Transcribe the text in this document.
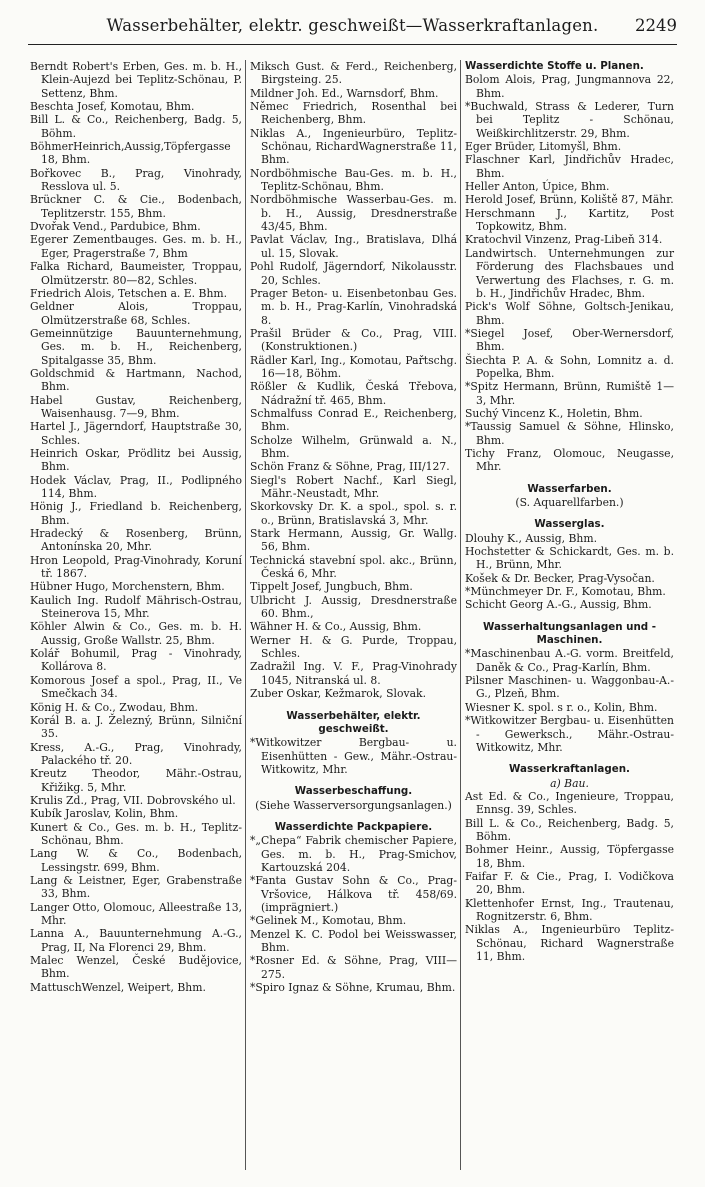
Wasserbehälter, elektr. geschweißt—Wasserkraftanlagen.	2249

Berndt Robert's Erben, Ges. m. b. H., Klein-Aujezd bei Teplitz-Schönau, P. Settenz, Bhm.

Beschta Josef, Komotau, Bhm.

Bill L. & Co., Reichenberg, Badg. 5, Böhm.

BöhmerHeinrich,Aussig,Töpfergasse 18, Bhm.

Bořkovec B., Prag, Vinohrady, Resslova ul. 5.

Brückner C. & Cie., Bodenbach, Teplitzerstr. 155, Bhm.

Dvořak Vend., Pardubice, Bhm.

Egerer Zementbauges. Ges. m. b. H., Eger, Pragerstraße 7, Bhm

Falka Richard, Baumeister, Troppau, Olmützerstr. 80—82, Schles.

Friedrich Alois, Tetschen a. E. Bhm.

Geldner Alois, Troppau, Olmützerstraße 68, Schles.

Gemeinnützige Bauunternehmung, Ges. m. b. H., Reichenberg, Spitalgasse 35, Bhm.

Goldschmid & Hartmann, Nachod, Bhm.

Habel Gustav, Reichenberg, Waisenhausg. 7—9, Bhm.

Hartel J., Jägerndorf, Hauptstraße 30, Schles.

Heinrich Oskar, Prödlitz bei Aussig, Bhm.

Hodek Václav, Prag, II., Podlipného 114, Bhm.

Hönig J., Friedland b. Reichenberg, Bhm.

Hradecký & Rosenberg, Brünn, Antonínska 20, Mhr.

Hron Leopold, Prag-Vinohrady, Koruní tř. 1867.

Hübner Hugo, Morchenstern, Bhm.

Kaulich Ing. Rudolf Mährisch-Ostrau, Steinerova 15, Mhr.

Köhler Alwin & Co., Ges. m. b. H. Aussig, Große Wallstr. 25, Bhm.

Kolář Bohumil, Prag - Vinohrady, Kollárova 8.

Komorous Josef a spol., Prag, II., Ve Smečkach 34.

König H. & Co., Zwodau, Bhm.

Korál B. a. J. Železný, Brünn, Silniční 35.

Kress, A.-G., Prag, Vinohrady, Palackého tř. 20.

Kreutz Theodor, Mähr.-Ostrau, Křižikg. 5, Mhr.

Krulis Zd., Prag, VII. Dobrovského ul.

Kubík Jaroslav, Kolin, Bhm.

Kunert & Co., Ges. m. b. H., Teplitz-Schönau, Bhm.

Lang W. & Co., Bodenbach, Lessingstr. 699, Bhm.

Lang & Leistner, Eger, Grabenstraße 33, Bhm.

Langer Otto, Olomouc, Alleestraße 13, Mhr.

Lanna A., Bauunternehmung A.-G., Prag, II, Na Florenci 29, Bhm.

Malec Wenzel, České Budějovice, Bhm.

MattuschWenzel, Weipert, Bhm.

Miksch Gust. & Ferd., Reichenberg, Birgsteing. 25.

Mildner Joh. Ed., Warnsdorf, Bhm.

Němec Friedrich, Rosenthal bei Reichenberg, Bhm.

Niklas A., Ingenieurbüro, Teplitz-Schönau, RichardWagnerstraße 11, Bhm.

Nordböhmische Bau-Ges. m. b. H., Teplitz-Schönau, Bhm.

Nordböhmische Wasserbau-Ges. m. b. H., Aussig, Dresdnerstraße 43/45, Bhm.

Pavlat Václav, Ing., Bratislava, Dlhá ul. 15, Slovak.

Pohl Rudolf, Jägerndorf, Nikolausstr. 20, Schles.

Prager Beton- u. Eisenbetonbau Ges. m. b. H., Prag-Karlín, Vinohradská 8.

Prašil Brüder & Co., Prag, VIII. (Konstruktionen.)

Rädler Karl, Ing., Komotau, Pařtschg. 16—18, Böhm.

Rößler & Kudlik, Česká Třebova, Nádražní tř. 465, Bhm.

Schmalfuss Conrad E., Reichenberg, Bhm.

Scholze Wilhelm, Grünwald a. N., Bhm.

Schön Franz & Söhne, Prag, III/127.

Siegl's Robert Nachf., Karl Siegl, Mähr.-Neustadt, Mhr.

Skorkovsky Dr. K. a spol., spol. s. r. o., Brünn, Bratislavská 3, Mhr.

Stark Hermann, Aussig, Gr. Wallg. 56, Bhm.

Technická stavební spol. akc., Brünn, Česká 6, Mhr.

Tippelt Josef, Jungbuch, Bhm.

Ulbricht J. Aussig, Dresdnerstraße 60. Bhm.,

Wähner H. & Co., Aussig, Bhm.

Werner H. & G. Purde, Troppau, Schles.

Zadražil Ing. V. F., Prag-Vinohrady 1045, Nitranská ul. 8.

Zuber Oskar, Kežmarok, Slovak.

Wasserbehälter, elektr. geschweißt.

*Witkowitzer Bergbau- u. Eisenhütten - Gew., Mähr.-Ostrau-Witkowitz, Mhr.

Wasserbeschaffung.
(Siehe Wasserversorgungsanlagen.)
Wasserdichte Packpapiere.

*„Chepa“ Fabrik chemischer Papiere, Ges. m. b. H., Prag-Smichov, Kartouzská 204.

*Fanta Gustav Sohn & Co., Prag-Vršovice, Hálkova tř. 458/69. (imprägniert.)

*Gelinek M., Komotau, Bhm.

Menzel K. C. Podol bei Weisswasser, Bhm.

*Rosner Ed. & Söhne, Prag, VIII—275.

*Spiro Ignaz & Söhne, Krumau, Bhm.

Wasserdichte Stoffe u. Planen.

Bolom Alois, Prag, Jungmannova 22, Bhm.

*Buchwald, Strass & Lederer, Turn bei Teplitz - Schönau, Weißkirchlitzerstr. 29, Bhm.

Eger Brüder, Litomyšl, Bhm.

Flaschner Karl, Jindřichův Hradec, Bhm.

Heller Anton, Úpice, Bhm.

Herold Josef, Brünn, Koliště 87, Mähr.

Herschmann J., Kartitz, Post Topkowitz, Bhm.

Kratochvil Vinzenz, Prag-Libeň 314.

Landwirtsch. Unternehmungen zur Förderung des Flachsbaues und Verwertung des Flachses, r. G. m. b. H., Jindřichův Hradec, Bhm.

Pick's Wolf Söhne, Goltsch-Jenikau, Bhm.

*Siegel Josef, Ober-Wernersdorf, Bhm.

Šiechta P. A. & Sohn, Lomnitz a. d. Popelka, Bhm.

*Spitz Hermann, Brünn, Rumiště 1—3, Mhr.

Suchý Vincenz K., Holetin, Bhm.

*Taussig Samuel & Söhne, Hlinsko, Bhm.

Tichy Franz, Olomouc, Neugasse, Mhr.

Wasserfarben.
(S. Aquarellfarben.)
Wasserglas.

Dlouhy K., Aussig, Bhm.

Hochstetter & Schickardt, Ges. m. b. H., Brünn, Mhr.

Košek & Dr. Becker, Prag-Vysočan.

*Münchmeyer Dr. F., Komotau, Bhm.

Schicht Georg A.-G., Aussig, Bhm.

Wasserhaltungsanlagen und -Maschinen.

*Maschinenbau A.-G. vorm. Breitfeld, Daněk & Co., Prag-Karlín, Bhm.

Pilsner Maschinen- u. Waggonbau-A.-G., Plzeň, Bhm.

Wiesner K. spol. s r. o., Kolin, Bhm.

*Witkowitzer Bergbau- u. Eisenhütten - Gewerksch., Mähr.-Ostrau-Witkowitz, Mhr.

Wasserkraftanlagen.
a) Bau.

Ast Ed. & Co., Ingenieure, Troppau, Ennsg. 39, Schles.

Bill L. & Co., Reichenberg, Badg. 5, Böhm.

Bohmer Heinr., Aussig, Töpfergasse 18, Bhm.

Faifar F. & Cie., Prag, I. Vodičkova 20, Bhm.

Klettenhofer Ernst, Ing., Trautenau, Rognitzerstr. 6, Bhm.

Niklas A., Ingenieurbüro Teplitz-Schönau, Richard Wagnerstraße 11, Bhm.
